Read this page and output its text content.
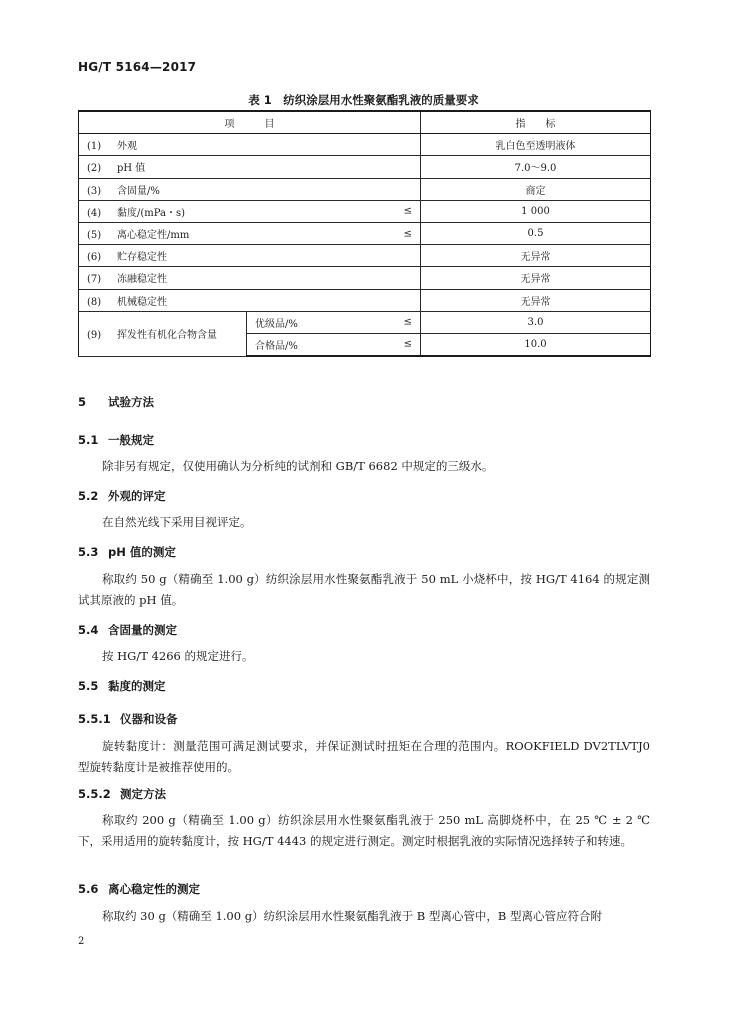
HG/T 5164—2017
表 1　纺织涂层用水性聚氨酯乳液的质量要求
项　　　目		指　　标
(1) 外观		乳白色至透明液体
(2) pH 值		7.0～9.0
(3) 含固量/%		商定
(4) 黏度/(mPa・s) ≤		1 000
(5) 离心稳定性/mm ≤		0.5
(6) 贮存稳定性		无异常
(7) 冻融稳定性		无异常
(8) 机械稳定性		无异常
(9) 挥发性有机化合物含量	优级品/% ≤	3.0
	合格品/% ≤	10.0
5 试验方法
5.1 一般规定
除非另有规定，仅使用确认为分析纯的试剂和 GB/T 6682 中规定的三级水。
5.2 外观的评定
在自然光线下采用目视评定。
5.3 pH 值的测定
称取约 50 g（精确至 1.00 g）纺织涂层用水性聚氨酯乳液于 50 mL 小烧杯中，按 HG/T 4164 的规定测试其原液的 pH 值。
5.4 含固量的测定
按 HG/T 4266 的规定进行。
5.5 黏度的测定
5.5.1 仪器和设备
旋转黏度计：测量范围可满足测试要求，并保证测试时扭矩在合理的范围内。ROOKFIELD DV2TLVTJ0 型旋转黏度计是被推荐使用的。
5.5.2 测定方法
称取约 200 g（精确至 1.00 g）纺织涂层用水性聚氨酯乳液于 250 mL 高脚烧杯中，在 25 ℃ ± 2 ℃下，采用适用的旋转黏度计，按 HG/T 4443 的规定进行测定。测定时根据乳液的实际情况选择转子和转速。
5.6 离心稳定性的测定
称取约 30 g（精确至 1.00 g）纺织涂层用水性聚氨酯乳液于 B 型离心管中，B 型离心管应符合附
2
